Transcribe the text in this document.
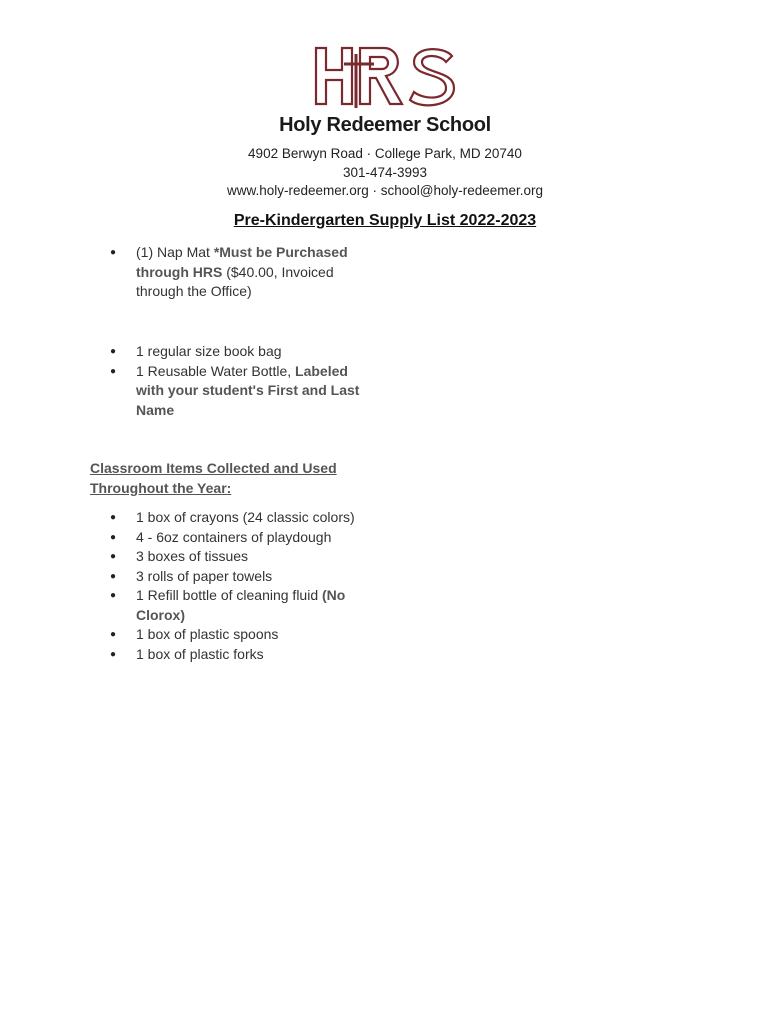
Holy Redeemer School
4902 Berwyn Road · College Park, MD 20740
301-474-3993
www.holy-redeemer.org · school@holy-redeemer.org
Pre-Kindergarten Supply List 2022-2023
● (1) Nap Mat *Must be Purchased through HRS ($40.00, Invoiced through the Office)
● 1 regular size book bag
● 1 Reusable Water Bottle, Labeled with your student's First and Last Name
Classroom Items Collected and Used Throughout the Year:
● 1 box of crayons (24 classic colors)
● 4 - 6oz containers of playdough
● 3 boxes of tissues
● 3 rolls of paper towels
● 1 Refill bottle of cleaning fluid (No Clorox)
● 1 box of plastic spoons
● 1 box of plastic forks
